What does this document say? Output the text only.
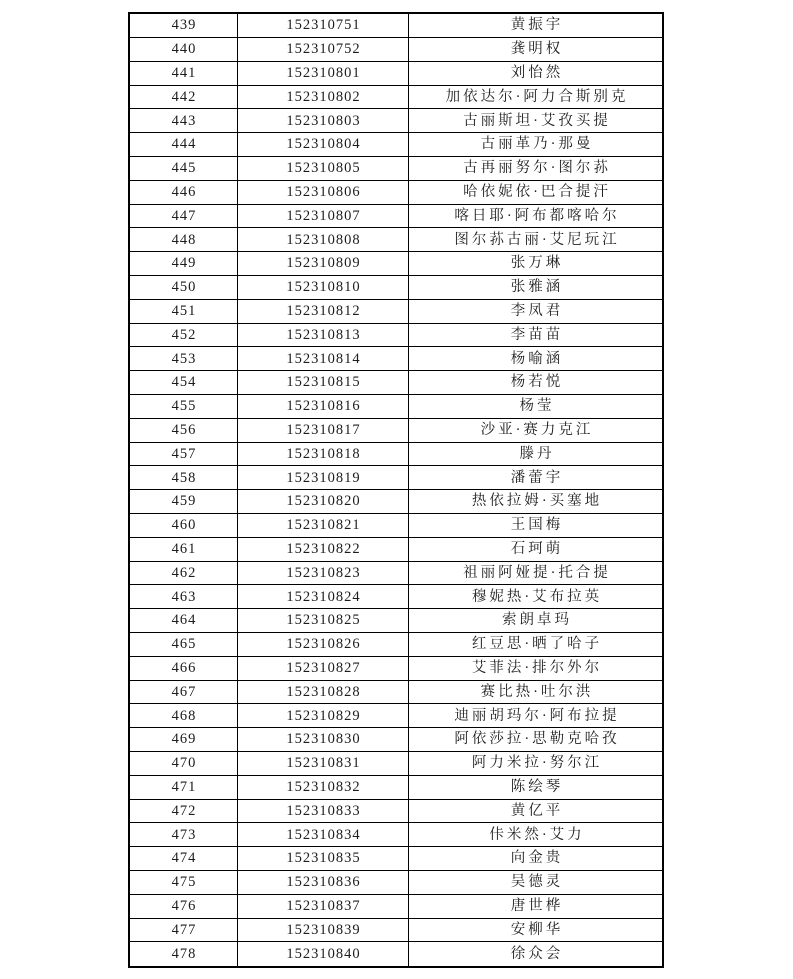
439	152310751	黄振宇
440	152310752	龚明权
441	152310801	刘怡然
442	152310802	加依达尔·阿力合斯别克
443	152310803	古丽斯坦·艾孜买提
444	152310804	古丽革乃·那曼
445	152310805	古再丽努尔·图尔荪
446	152310806	哈依妮依·巴合提汗
447	152310807	喀日耶·阿布都喀哈尔
448	152310808	图尔荪古丽·艾尼玩江
449	152310809	张万琳
450	152310810	张雅涵
451	152310812	李凤君
452	152310813	李苗苗
453	152310814	杨喻涵
454	152310815	杨若悦
455	152310816	杨莹
456	152310817	沙亚·赛力克江
457	152310818	滕丹
458	152310819	潘蕾宇
459	152310820	热依拉姆·买塞地
460	152310821	王国梅
461	152310822	石珂萌
462	152310823	祖丽阿娅提·托合提
463	152310824	穆妮热·艾布拉英
464	152310825	索朗卓玛
465	152310826	红豆思·晒了哈子
466	152310827	艾菲法·排尔外尔
467	152310828	赛比热·吐尔洪
468	152310829	迪丽胡玛尔·阿布拉提
469	152310830	阿依莎拉·思勒克哈孜
470	152310831	阿力米拉·努尔江
471	152310832	陈绘琴
472	152310833	黄亿平
473	152310834	佧米然·艾力
474	152310835	向金贵
475	152310836	吴德灵
476	152310837	唐世桦
477	152310839	安柳华
478	152310840	徐众会
